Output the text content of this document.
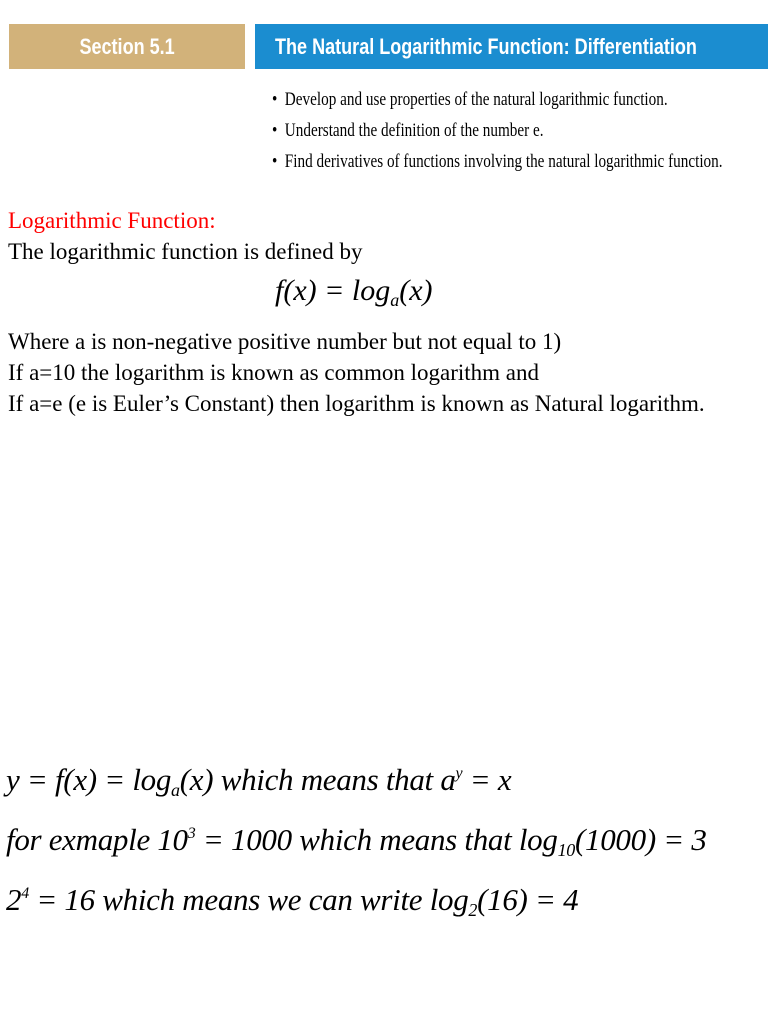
Section 5.1	The Natural Logarithmic Function: Differentiation
• Develop and use properties of the natural logarithmic function.
• Understand the definition of the number e.
• Find derivatives of functions involving the natural logarithmic function.

Logarithmic Function:

The logarithmic function is defined by

$f(x) = \log_a(x)$

Where a is non-negative positive number but not equal to 1)

If a=10 the logarithm is known as common logarithm and

If a=e (e is Euler’s Constant) then logarithm is known as Natural logarithm.

$y = f(x) = \log_a(x)$ which means that $a^y = x$
for exmaple $10^3 = 1000$ which means that $\log_{10}(1000) = 3$
$2^4 = 16$ which means we can write $\log_2(16) = 4$
